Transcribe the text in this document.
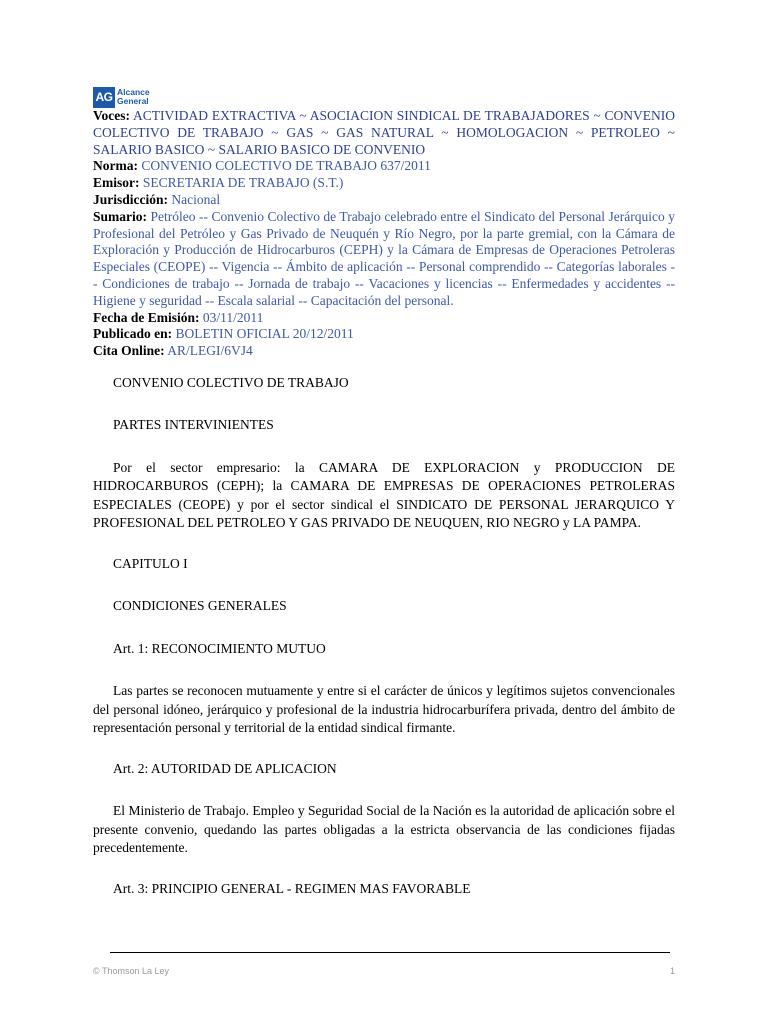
AG Alcance
General
Voces: ACTIVIDAD EXTRACTIVA ~ ASOCIACION SINDICAL DE TRABAJADORES ~ CONVENIO COLECTIVO DE TRABAJO ~ GAS ~ GAS NATURAL ~ HOMOLOGACION ~ PETROLEO ~ SALARIO BASICO ~ SALARIO BASICO DE CONVENIO
Norma: CONVENIO COLECTIVO DE TRABAJO 637/2011
Emisor: SECRETARIA DE TRABAJO (S.T.)
Jurisdicción: Nacional
Sumario: Petróleo -- Convenio Colectivo de Trabajo celebrado entre el Sindicato del Personal Jerárquico y Profesional del Petróleo y Gas Privado de Neuquén y Río Negro, por la parte gremial, con la Cámara de Exploración y Producción de Hidrocarburos (CEPH) y la Cámara de Empresas de Operaciones Petroleras Especiales (CEOPE) -- Vigencia -- Ámbito de aplicación -- Personal comprendido -- Categorías laborales -- Condiciones de trabajo -- Jornada de trabajo -- Vacaciones y licencias -- Enfermedades y accidentes -- Higiene y seguridad -- Escala salarial -- Capacitación del personal.
Fecha de Emisión: 03/11/2011
Publicado en: BOLETIN OFICIAL 20/12/2011
Cita Online: AR/LEGI/6VJ4

CONVENIO COLECTIVO DE TRABAJO

PARTES INTERVINIENTES

Por el sector empresario: la CAMARA DE EXPLORACION y PRODUCCION DE HIDROCARBUROS (CEPH); la CAMARA DE EMPRESAS DE OPERACIONES PETROLERAS ESPECIALES (CEOPE) y por el sector sindical el SINDICATO DE PERSONAL JERARQUICO Y PROFESIONAL DEL PETROLEO Y GAS PRIVADO DE NEUQUEN, RIO NEGRO y LA PAMPA.

CAPITULO I

CONDICIONES GENERALES

Art. 1: RECONOCIMIENTO MUTUO

Las partes se reconocen mutuamente y entre si el carácter de únicos y legítimos sujetos convencionales del personal idóneo, jerárquico y profesional de la industria hidrocarburífera privada, dentro del ámbito de representación personal y territorial de la entidad sindical firmante.

Art. 2: AUTORIDAD DE APLICACION

El Ministerio de Trabajo. Empleo y Seguridad Social de la Nación es la autoridad de aplicación sobre el presente convenio, quedando las partes obligadas a la estricta observancia de las condiciones fijadas precedentemente.

Art. 3: PRINCIPIO GENERAL - REGIMEN MAS FAVORABLE

© Thomson La Ley	1
